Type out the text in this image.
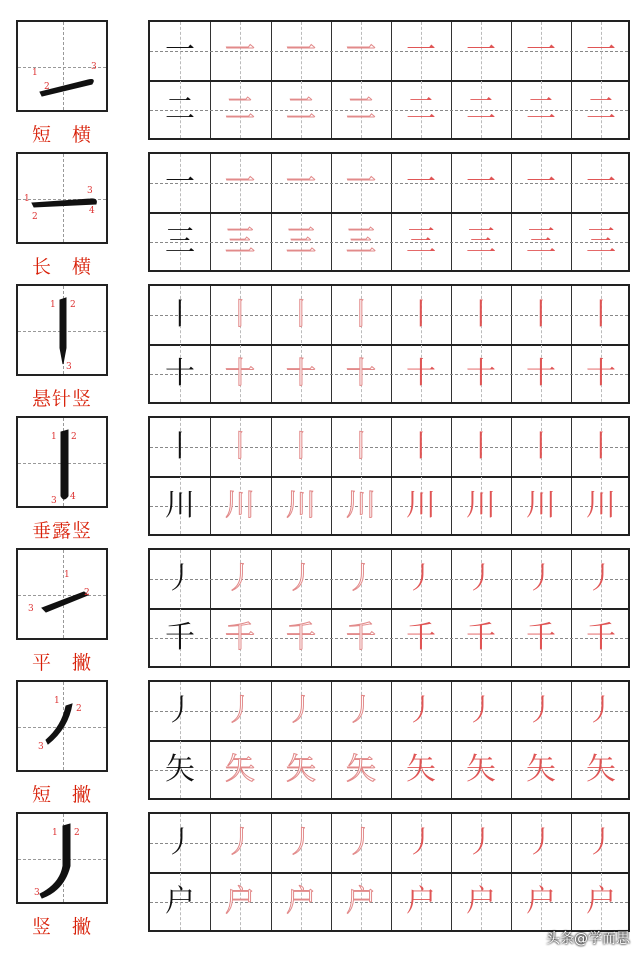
1
2
3
短　横
一	一	一	一	一	一	一	一
二	二	二	二	二	二	二	二
1
2
3
4
长　横
一	一	一	一	一	一	一	一
三	三	三	三	三	三	三	三
1 2
3
悬针竖
丨	丨	丨	丨	丨	丨	丨	丨
十	十	十	十	十	十	十	十
1 2
3 4
垂露竖
丨	丨	丨	丨	丨	丨	丨	丨
川	川	川	川	川	川	川	川
1
2
3
平　撇
丿	丿	丿	丿	丿	丿	丿	丿
千	千	千	千	千	千	千	千
1
2
3
短　撇
丿	丿	丿	丿	丿	丿	丿	丿
矢	矢	矢	矢	矢	矢	矢	矢
1 2
3
竖　撇
丿	丿	丿	丿	丿	丿	丿	丿
户	户	户	户	户	户	户	户
头条@学而思
